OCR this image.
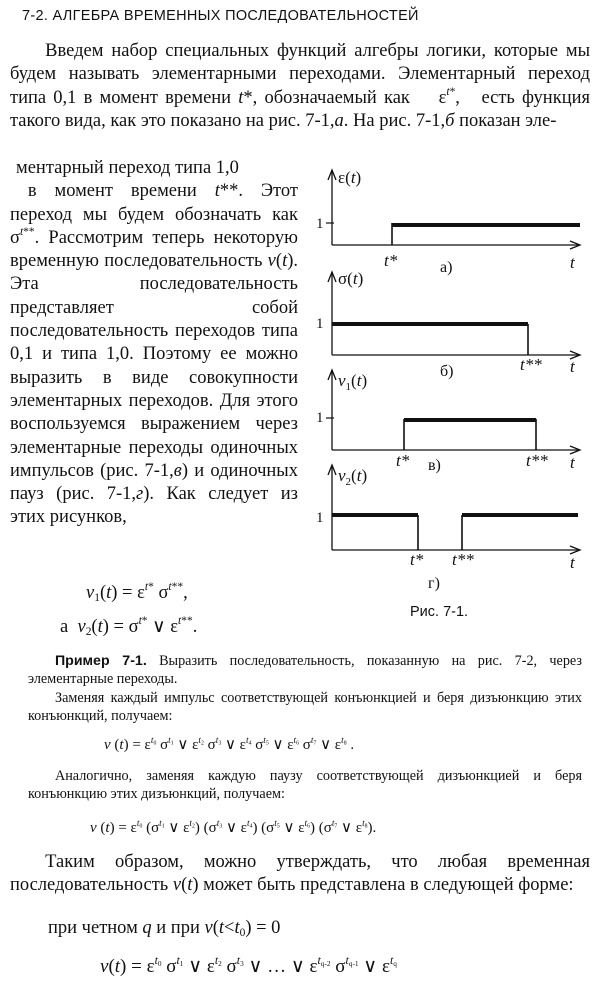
7-2. АЛГЕБРА ВРЕМЕННЫХ ПОСЛЕДОВАТЕЛЬНОСТЕЙ
Введем набор специальных функций алгебры логики, которые мы будем называть элементарными переходами. Элементарный переход типа 0,1 в момент времени t*, обозначаемый как    $\varepsilon^{t*}$,   есть функция такого вида, как это показано на рис. 7-1,а. На рис. 7-1,б показан эле-
ментарный переход типа 1,0
в момент времени t**. Этот переход мы будем обозначать как $\sigma^{t**}$. Рассмотрим теперь некоторую временную последовательность v(t). Эта последовательность представляет собой последовательность переходов типа 0,1 и типа 1,0. Поэтому ее можно выразить в виде совокупности элементарных переходов. Для этого воспользуемся выражением через элементарные переходы одиночных импульсов (рис. 7-1,в) и одиночных пауз (рис. 7-1,г). Как следует из этих рисунков,
$v_1(t) = \varepsilon^{t*}$ $\sigma^{t**}$,
а  $v_2(t) = \sigma^{t*}$ ∨ $\varepsilon^{t**}$.
ε(t)
1
t*	t
а)
σ(t)
1
t** t
б)
$v_1(t)$
1
t*	t** t
в)
$v_2(t)$
1
t* t**	t
г)
Рис. 7-1.
Пример 7-1. Выразить последовательность, показанную на рис. 7-2, через элементарные переходы.
Заменяя каждый импульс соответствующей конъюнкцией и беря дизъюнкцию этих конъюнкций, получаем:
v $(t) = \varepsilon^{t_0}$ $\sigma^{t_1}$ ∨ $\varepsilon^{t_2}$ $\sigma^{t_3}$ ∨ $\varepsilon^{t_4}$ $\sigma^{t_5}$ ∨ $\varepsilon^{t_6}$ $\sigma^{t_7}$ ∨ $\varepsilon^{t_8}$ .
Аналогично, заменяя каждую паузу соответствующей дизъюнкцией и беря конъюнкцию этих дизъюнкций, получаем:
v $(t) = \varepsilon^{t_0}$ ($\sigma^{t_1}$ ∨ $\varepsilon^{t_2}$) ($\sigma^{t_3}$ ∨ $\varepsilon^{t_4}$) ($\sigma^{t_5}$ ∨ $\varepsilon^{t_6}$) ($\sigma^{t_7}$ ∨ $\varepsilon^{t_8}$).
Таким образом, можно утверждать, что любая временная последовательность v(t) может быть представлена в следующей форме:
при четном q и при $v(t<t_0) = 0$
$v(t) = \varepsilon^{t_0}$ $\sigma^{t_1}$ ∨ $\varepsilon^{t_2}$ $\sigma^{t_3}$ ∨ … ∨ $\varepsilon^{t_{q-2}}$ $\sigma^{t_{q-1}}$ ∨ $\varepsilon^{t_q}$
